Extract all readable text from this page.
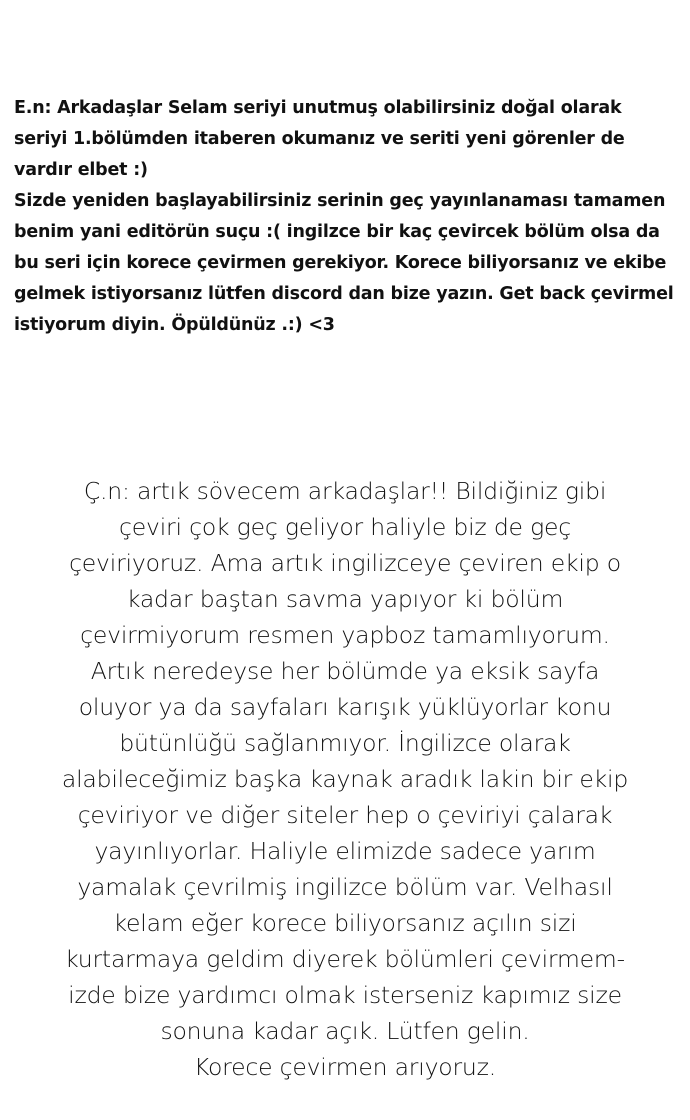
E.n: Arkadaşlar Selam seriyi unutmuş olabilirsiniz doğal olarak
seriyi 1.bölümden itaberen okumanız ve seriti yeni görenler de
vardır elbet :)
Sizde yeniden başlayabilirsiniz serinin geç yayınlanaması tamamen
benim yani editörün suçu :( ingilzce bir kaç çevircek bölüm olsa da
bu seri için korece çevirmen gerekiyor. Korece biliyorsanız ve ekibe
gelmek istiyorsanız lütfen discord dan bize yazın. Get back çevirmel
istiyorum diyin. Öpüldünüz .:) <3
Ç.n: artık sövecem arkadaşlar!! Bildiğiniz gibi
çeviri çok geç geliyor haliyle biz de geç
çeviriyoruz. Ama artık ingilizceye çeviren ekip o
kadar baştan savma yapıyor ki bölüm
çevirmiyorum resmen yapboz tamamlıyorum.
Artık neredeyse her bölümde ya eksik sayfa
oluyor ya da sayfaları karışık yüklüyorlar konu
bütünlüğü sağlanmıyor. İngilizce olarak
alabileceğimiz başka kaynak aradık lakin bir ekip
çeviriyor ve diğer siteler hep o çeviriyi çalarak
yayınlıyorlar. Haliyle elimizde sadece yarım
yamalak çevrilmiş ingilizce bölüm var. Velhasıl
kelam eğer korece biliyorsanız açılın sizi
kurtarmaya geldim diyerek bölümleri çevirmem-
izde bize yardımcı olmak isterseniz kapımız size
sonuna kadar açık. Lütfen gelin.
Korece çevirmen arıyoruz.
